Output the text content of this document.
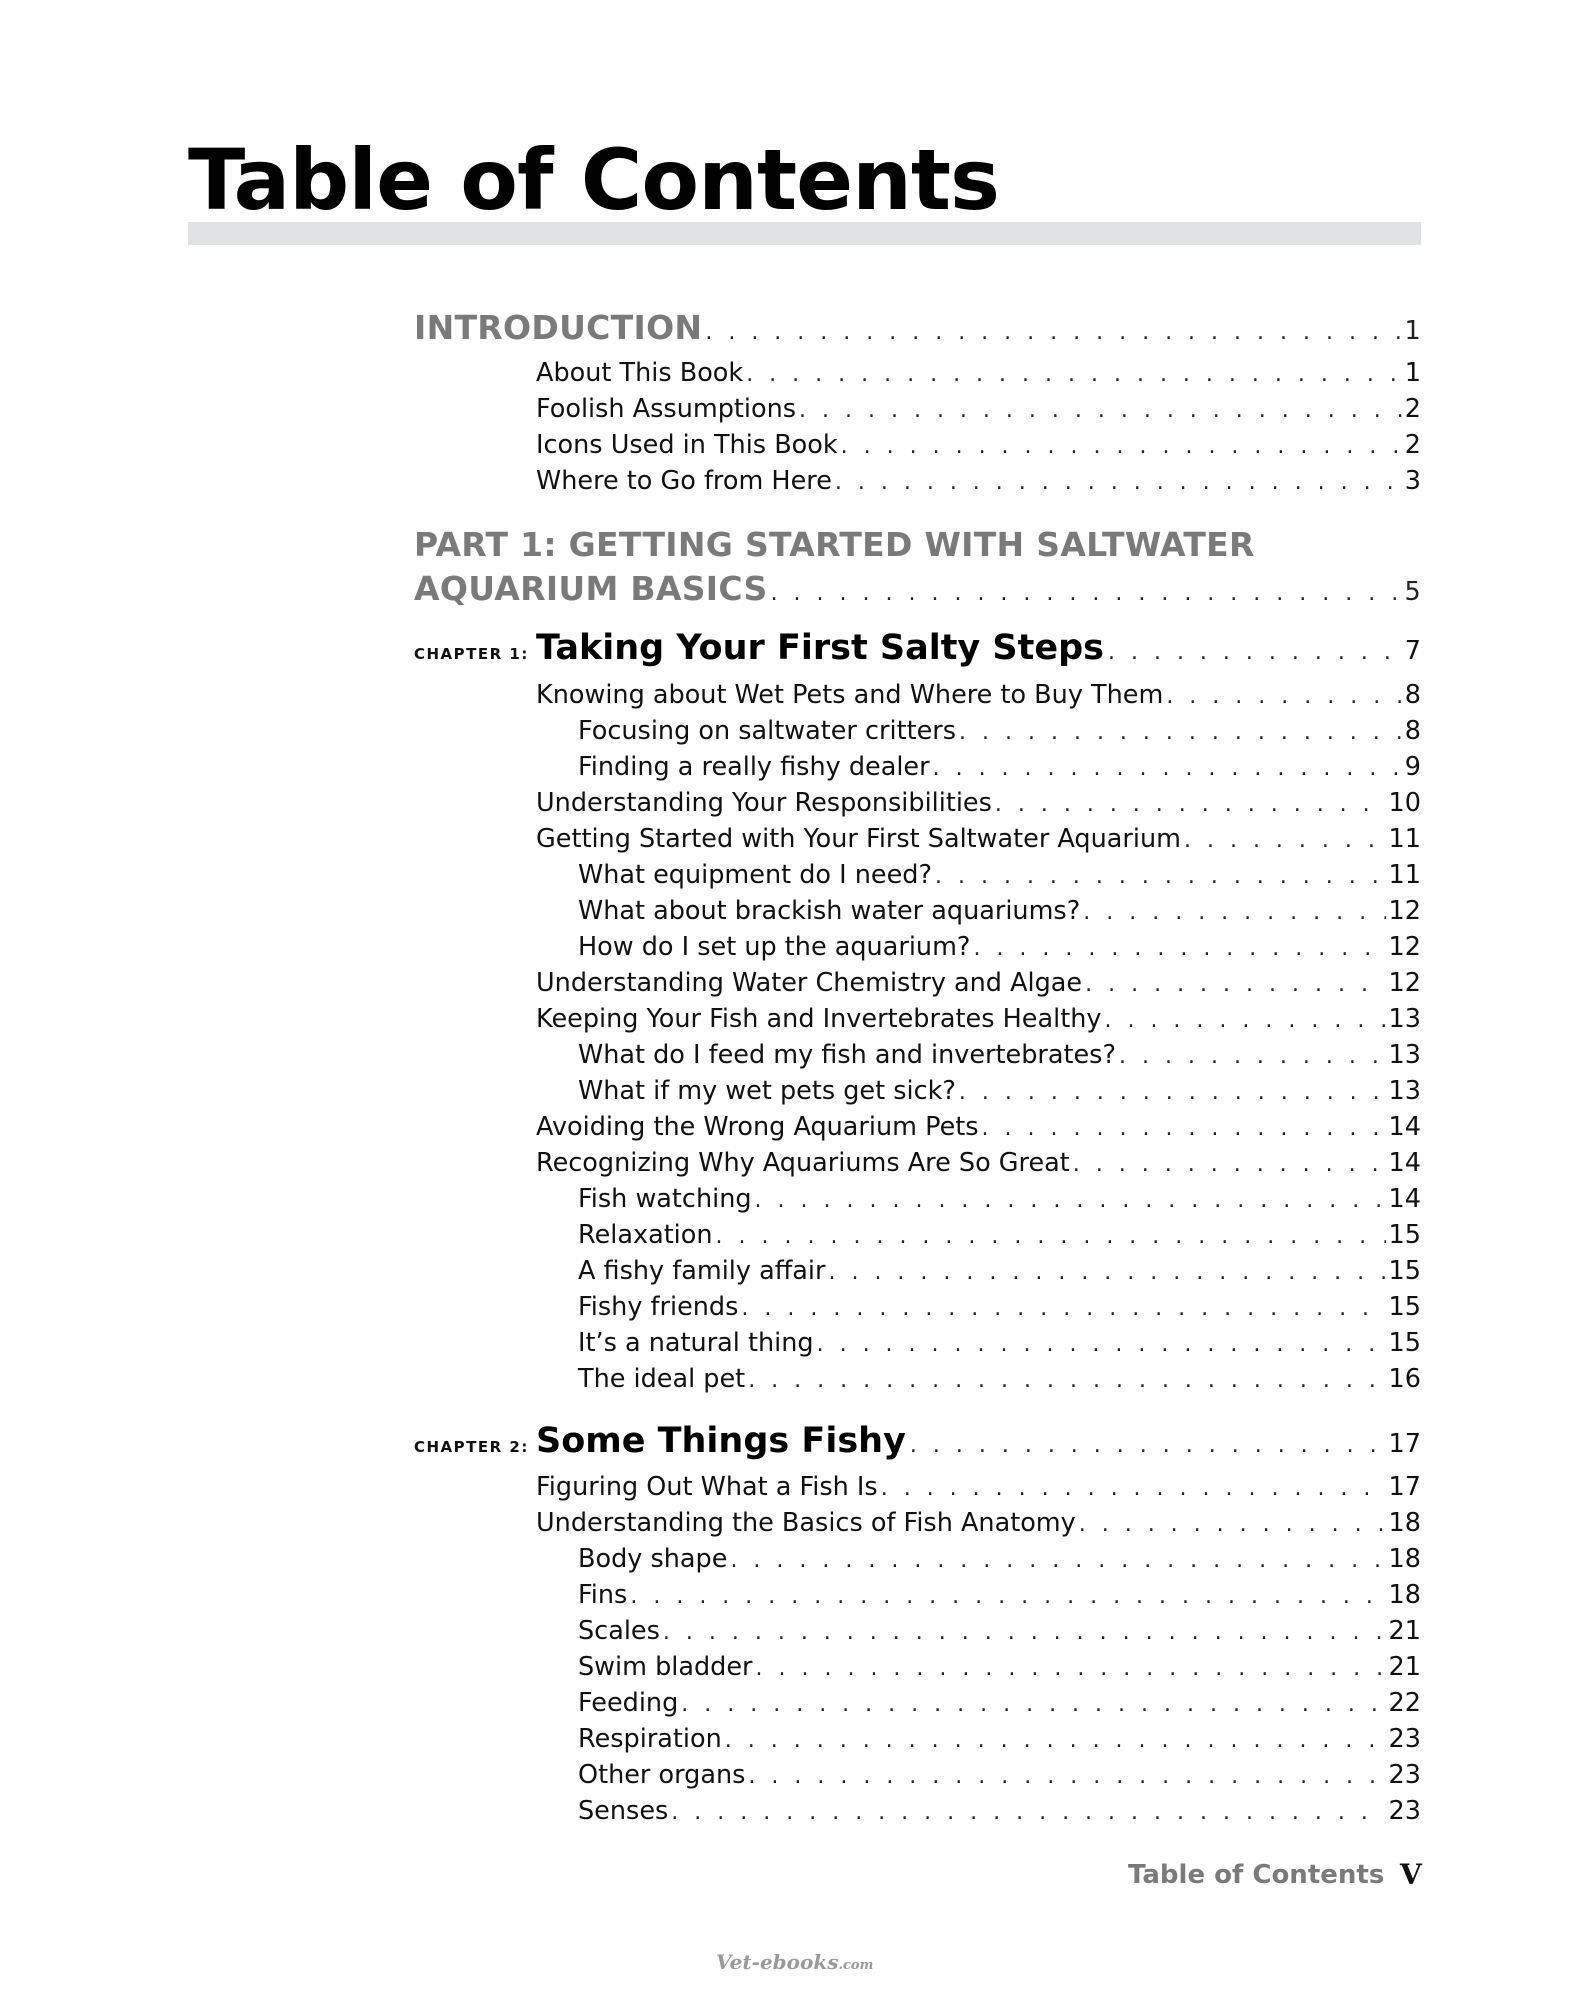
Table of Contents
INTRODUCTION . . .	1
About This Book . . .	1
Foolish Assumptions . . .	2
Icons Used in This Book . . .	2
Where to Go from Here . . .	3
PART 1: GETTING STARTED WITH SALTWATER
AQUARIUM BASICS . . .	5
CHAPTER 1: Taking Your First Salty Steps . . .	7
Knowing about Wet Pets and Where to Buy Them . . .	8
Focusing on saltwater critters . . .	8
Finding a really fishy dealer . . .	9
Understanding Your Responsibilities . . .	10
Getting Started with Your First Saltwater Aquarium . . .	11
What equipment do I need? . . .	11
What about brackish water aquariums? . . .	12
How do I set up the aquarium? . . .	12
Understanding Water Chemistry and Algae . . .	12
Keeping Your Fish and Invertebrates Healthy . . .	13
What do I feed my fish and invertebrates? . . .	13
What if my wet pets get sick? . . .	13
Avoiding the Wrong Aquarium Pets . . .	14
Recognizing Why Aquariums Are So Great . . .	14
Fish watching . . .	14
Relaxation . . .	15
A fishy family affair . . .	15
Fishy friends . . .	15
It’s a natural thing . . .	15
The ideal pet . . .	16
CHAPTER 2: Some Things Fishy . . .	17
Figuring Out What a Fish Is . . .	17
Understanding the Basics of Fish Anatomy . . .	18
Body shape . . .	18
Fins . . .	18
Scales . . .	21
Swim bladder . . .	21
Feeding . . .	22
Respiration . . .	23
Other organs . . .	23
Senses . . .	23
Table of Contents V
Vet-ebooks.com
